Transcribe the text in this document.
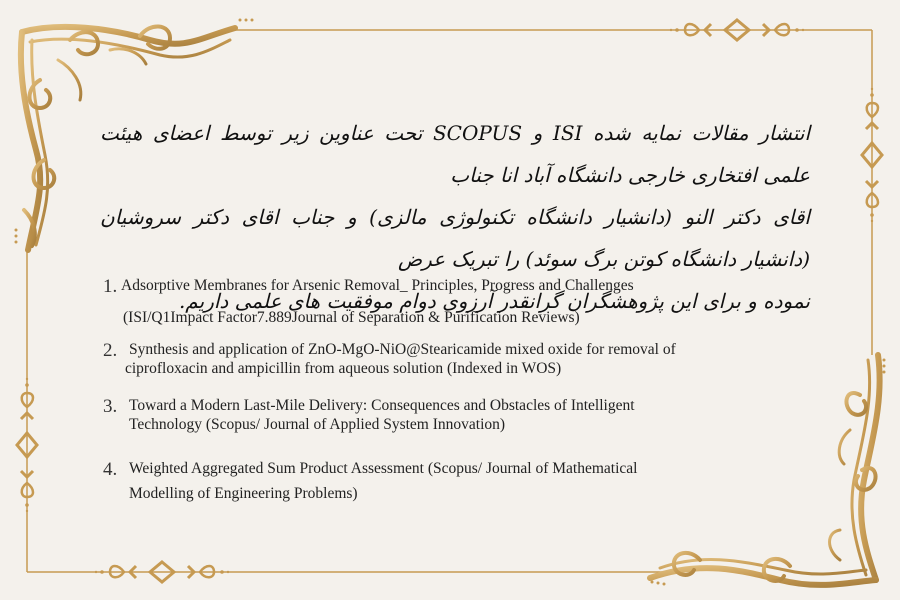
انتشار مقالات نمایه شده ISI و SCOPUS تحت عناوین زیر توسط اعضای هیئت علمی افتخاری خارجی دانشگاه آباد انا جناب

اقای دکتر النو (دانشیار دانشگاه تکنولوژی مالزی) و جناب اقای دکتر سروشیان (دانشیار دانشگاه کوتن برگ سوئد) را تبریک عرض

نموده و برای این پژوهشگران گرانقدر آرزوی دوام موفقیت های علمی داریم.

1. Adsorptive Membranes for Arsenic Removal_ Principles, Progress and Challenges
(ISI/Q1Impact Factor7.889Journal of Separation & Purification Reviews)
2. Synthesis and application of ZnO-MgO-NiO@Stearicamide mixed oxide for removal of
ciprofloxacin and ampicillin from aqueous solution (Indexed in WOS)
3. Toward a Modern Last-Mile Delivery: Consequences and Obstacles of Intelligent
Technology (Scopus/ Journal of Applied System Innovation)
4. Weighted Aggregated Sum Product Assessment (Scopus/ Journal of Mathematical
Modelling of Engineering Problems)
